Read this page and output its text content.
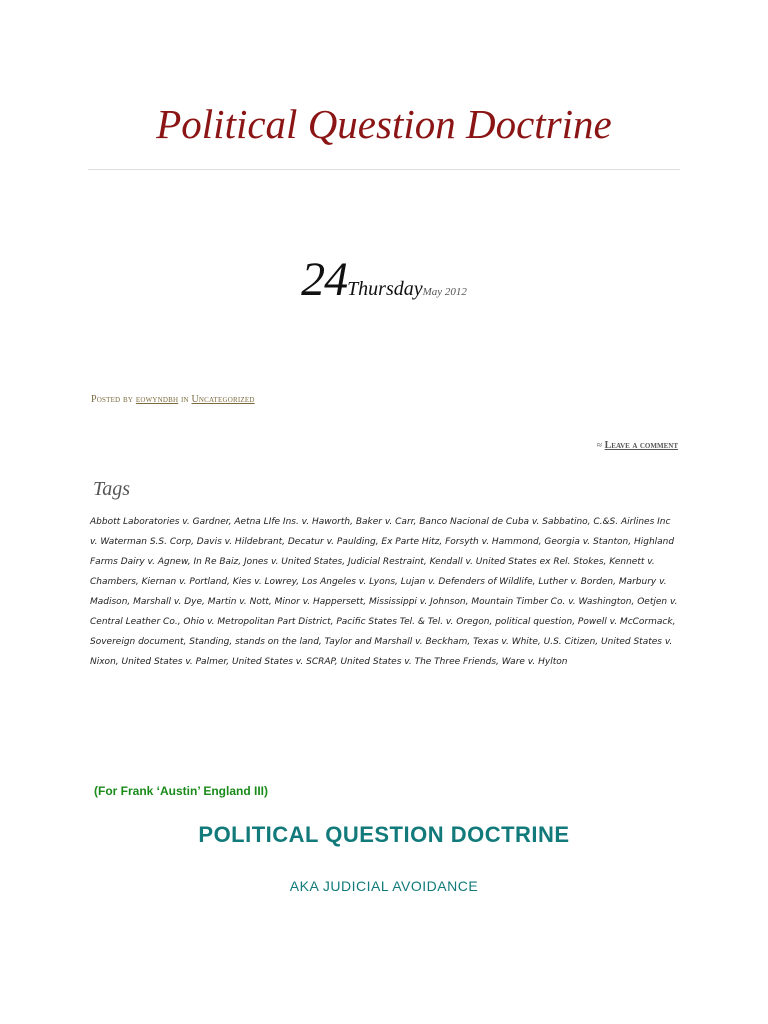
Political Question Doctrine
24ThursdayMay 2012
Posted by eowyndbh in Uncategorized
≈ Leave a comment
Tags
Abbott Laboratories v. Gardner, Aetna LIfe Ins. v. Haworth, Baker v. Carr, Banco Nacional de Cuba v. Sabbatino, C.&S. Airlines Inc v. Waterman S.S. Corp, Davis v. Hildebrant, Decatur v. Paulding, Ex Parte Hitz, Forsyth v. Hammond, Georgia v. Stanton, Highland Farms Dairy v. Agnew, In Re Baiz, Jones v. United States, Judicial Restraint, Kendall v. United States ex Rel. Stokes, Kennett v. Chambers, Kiernan v. Portland, Kies v. Lowrey, Los Angeles v. Lyons, Lujan v. Defenders of Wildlife, Luther v. Borden, Marbury v. Madison, Marshall v. Dye, Martin v. Nott, Minor v. Happersett, Mississippi v. Johnson, Mountain Timber Co. v. Washington, Oetjen v. Central Leather Co., Ohio v. Metropolitan Part District, Pacific States Tel. & Tel. v. Oregon, political question, Powell v. McCormack, Sovereign document, Standing, stands on the land, Taylor and Marshall v. Beckham, Texas v. White, U.S. Citizen, United States v. Nixon, United States v. Palmer, United States v. SCRAP, United States v. The Three Friends, Ware v. Hylton
(For Frank ‘Austin’ England III)
POLITICAL QUESTION DOCTRINE
AKA JUDICIAL AVOIDANCE
